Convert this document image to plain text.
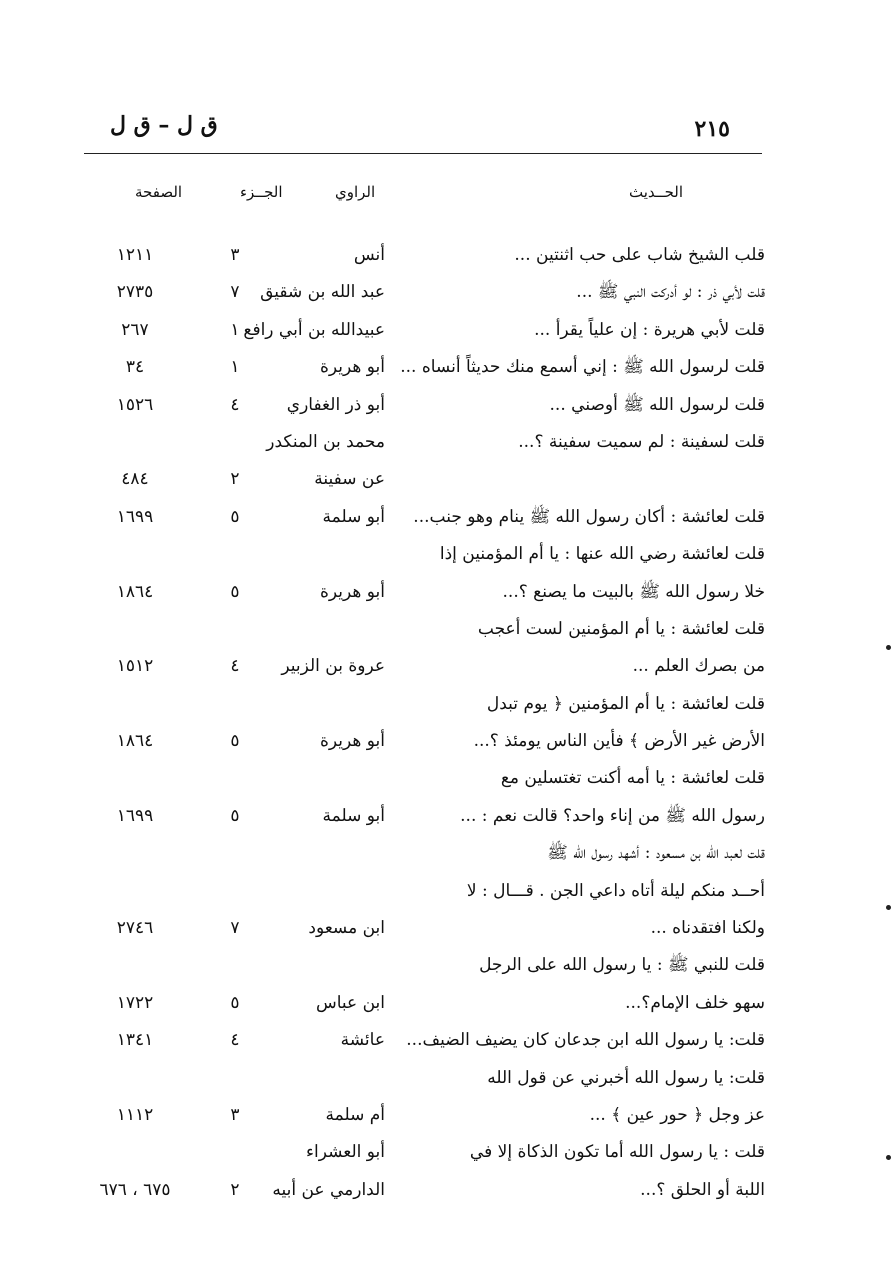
٢١٥
ق ل – ق ل
الحــديث
الراوي
الجــزء
الصفحة
قلب الشيخ شاب على حب اثنتين ...
أنس
٣
١٢١١
قلت لأبي ذر : لو أدركت النبي ﷺ ...
عبد الله بن شقيق
٧
٢٧٣٥
قلت لأبي هريرة : إن علياً يقرأ ...
عبيدالله بن أبي رافع
١
٢٦٧
قلت لرسول الله ﷺ : إني أسمع منك حديثاً أنساه ...
أبو هريرة
١
٣٤
قلت لرسول الله ﷺ أوصني ...
أبو ذر الغفاري
٤
١٥٢٦
قلت لسفينة : لم سميت سفينة ؟...
محمد بن المنكدر
عن سفينة
٢
٤٨٤
قلت لعائشة : أكان رسول الله ﷺ ينام وهو جنب...
أبو سلمة
٥
١٦٩٩
قلت لعائشة رضي الله عنها : يا أم المؤمنين إذا
خلا رسول الله ﷺ بالبيت ما يصنع ؟...
أبو هريرة
٥
١٨٦٤
قلت لعائشة : يا أم المؤمنين لست أعجب
من بصرك العلم ...
عروة بن الزبير
٤
١٥١٢
قلت لعائشة : يا أم المؤمنين ﴿ يوم تبدل
الأرض غير الأرض ﴾ فأين الناس يومئذ ؟...
أبو هريرة
٥
١٨٦٤
قلت لعائشة : يا أمه أكنت تغتسلين مع
رسول الله ﷺ من إناء واحد؟ قالت نعم : ...
أبو سلمة
٥
١٦٩٩
قلت لعبد الله بن مسعود : أشهد رسول الله ﷺ
أحــد منكم ليلة أتاه داعي الجن . قـــال : لا
ولكنا افتقدناه ...
ابن مسعود
٧
٢٧٤٦
قلت للنبي ﷺ : يا رسول الله على الرجل
سهو خلف الإمام؟...
ابن عباس
٥
١٧٢٢
قلت: يا رسول الله ابن جدعان كان يضيف الضيف...
عائشة
٤
١٣٤١
قلت: يا رسول الله أخبرني عن قول الله
عز وجل ﴿ حور عين ﴾ ...
أم سلمة
٣
١١١٢
قلت : يا رسول الله أما تكون الذكاة إلا في
أبو العشراء
اللبة أو الحلق ؟...
الدارمي عن أبيه
٢
٦٧٥ ، ٦٧٦
